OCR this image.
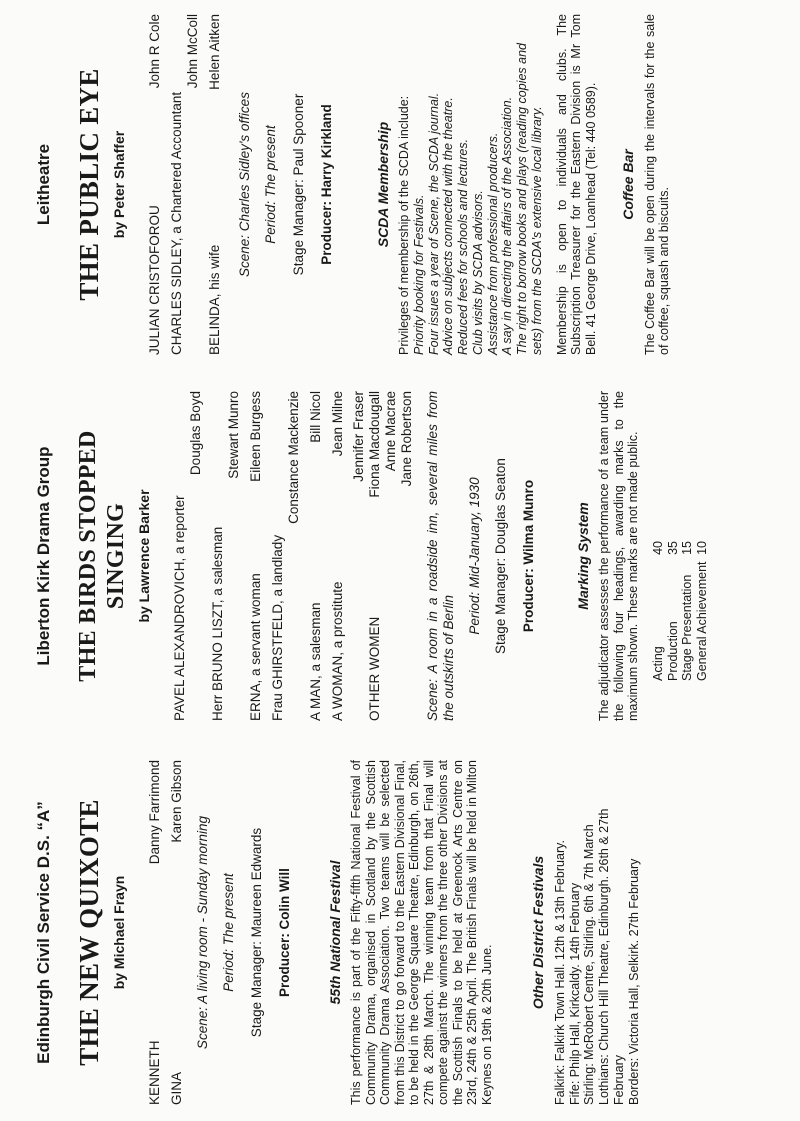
Edinburgh Civil Service D.S. “A” THE NEW QUIXOTE by Michael Frayn
KENNETH
Danny Farrimond
GINA
Karen Gibson
Scene: A living room - Sunday morning Period: The present Stage Manager: Maureen Edwards Producer: Colin Will 55th National Festival This performance is part of the Fifty-fifth National Festival of Community Drama, organised in Scotland by the Scottish Community Drama Association. Two teams will be selected from this District to go forward to the Eastern Divisional Final, to be held in the George Square Theatre, Edinburgh, on 26th, 27th & 28th March. The winning team from that Final will compete against the winners from the three other Divisions at the Scottish Finals to be held at Greenock Arts Centre on 23rd, 24th & 25th April. The British Finals will be held in Milton Keynes on 19th & 20th June.

Other District Festivals Falkirk: Falkirk Town Hall. 12th & 13th February. Fife: Philp Hall, Kirkcaldy. 14th February Stirling: McRobert Centre, Stirling. 6th & 7th March Lothians: Church Hill Theatre, Edinburgh. 26th & 27th February Borders: Victoria Hall, Selkirk. 27th February
Liberton Kirk Drama Group THE BIRDS STOPPED SINGING by Lawrence Barker PAVEL ALEXANDROVICH, a reporter
Douglas Boyd
Herr BRUNO LISZT, a salesman
Stewart Munro
ERNA, a servant woman
Eileen Burgess
Frau GHIRSTFELD, a landlady
Constance Mackenzie
A MAN, a salesman
Bill Nicol
A WOMAN, a prostitute
Jean Milne Jennifer Fraser
OTHER WOMEN
Fiona Macdougall Anne Macrae Jane Robertson Scene: A room in a roadside inn, several miles from the outskirts of Berlin
Period: Mid-January, 1930 Stage Manager: Douglas Seaton Producer: Wilma Munro	Marking System The adjudicator assesses the performance of a team under the following four headings, awarding marks to the maximum shown. These marks are not made public. Acting
40
Production
35
Stage Presentation
15
General Achievement
10
Leitheatre THE PUBLIC EYE by Peter Shaffer
JULIAN CRISTOFOROU
John R Cole
CHARLES SIDLEY, a Chartered Accountant
John McColl
BELINDA, his wife
Helen Aitken
Scene: Charles Sidley's offices Period: The present Stage Manager: Paul Spooner Producer: Harry Kirkland	SCDA Membership Privileges of membership of the SCDA include: Priority booking for Festivals. Four issues a year of Scene, the SCDA journal. Advice on subjects connected with the theatre. Reduced fees for schools and lectures. Club visits by SCDA advisors. Assistance from professional producers. A say in directing the affairs of the Association. The right to borrow books and plays (reading copies and sets) from the SCDA's extensive local library. Membership is open to individuals and clubs. The Subscription Treasurer for the Eastern Division is Mr Tom Bell. 41 George Drive, Loanhead (Tel: 440 0589). Coffee Bar The Coffee Bar will be open during the intervals for the sale of coffee, squash and biscuits.
